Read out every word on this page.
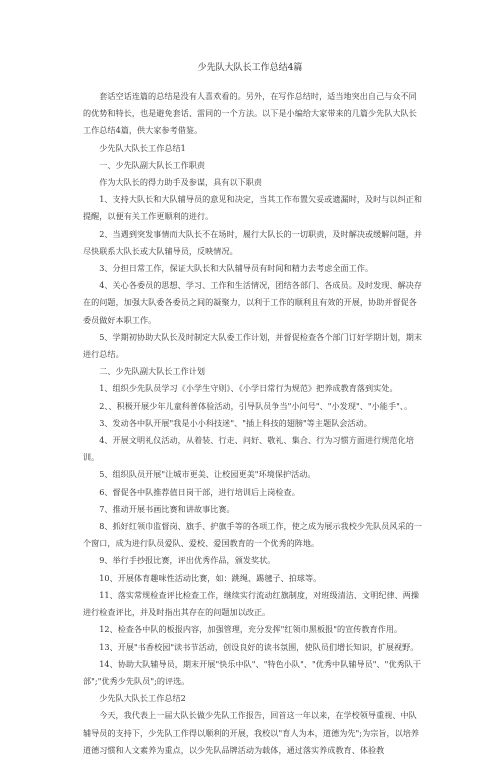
少先队大队长工作总结4篇

套话空话连篇的总结是没有人喜欢看的。另外，在写作总结时，适当地突出自己与众不同的优势和特长，也是避免套话、雷同的一个方法。以下是小编给大家带来的几篇少先队大队长工作总结4篇，供大家参考借鉴。

少先队大队长工作总结1

一、少先队副大队长工作职责

作为大队长的得力助手及参谋，具有以下职责

1、支持大队长和大队辅导员的意见和决定，当其工作布置欠妥或遗漏时，及时与以纠正和提醒，以便有关工作更顺利的进行。

2、当遇到突发事情而大队长不在场时，履行大队长的一切职责，及时解决或缓解问题，并尽快联系大队长或大队辅导员，反映情况。

3、分担日常工作，保证大队长和大队辅导员有时间和精力去考虑全面工作。

4、关心各委员的思想、学习、工作和生活情况，团结各部门、各成员。及时发现、解决存在的问题，加强大队委各委员之间的凝聚力，以利于工作的顺利且有效的开展，协助并督促各委员做好本职工作。

5、学期初协助大队长及时制定大队委工作计划，并督促检查各个部门订好学期计划，期末进行总结。

二、少先队副大队长工作计划

1、组织少先队员学习《小学生守则》、《小学日常行为规范》把养成教育落到实处。

2、、积极开展少年儿童科普体验活动，引导队员争当"小问号"、"小发现"、"小能手"、。

3、发动各中队开展"我是小小科技迷"、"插上科技的翅膀"等主题队会活动。

4、开展文明礼仪活动，从着装、行走、问好、敬礼、集合、行为习惯方面进行规范化培训。

5、组织队员开展"让城市更美、让校园更美"环境保护活动。

6、督促各中队推荐值日岗干部，进行培训后上岗检查。

7、推动开展书画比赛和讲故事比赛。

8、抓好红领巾监督岗、旗手、护旗手等的各项工作，使之成为展示我校少先队员风采的一个窗口，成为进行队员爱队、爱校、爱国教育的一个优秀的阵地。

9、举行手抄报比赛，评出优秀作品，颁发奖状。

10、开展体育趣味性活动比赛，如：跳绳、踢毽子、拍球等。

11、落实常规检查评比检查工作，继续实行流动红旗制度，对班级清洁、文明纪律、两操进行检查评比，并及时指出其存在的问题加以改正。

12、检查各中队的板报内容，加强管理，充分发挥"红领巾黑板报"的宣传教育作用。

13、开展"书香校园"读书节活动，创设良好的读书氛围，使队员们增长知识，扩展视野。

14、协助大队辅导员，期末开展"快乐中队"、"特色小队"、"优秀中队辅导员"、"优秀队干部";"优秀少先队员";的评选。

少先队大队长工作总结2

今天，我代表上一届大队长做少先队工作报告，回首这一年以来，在学校领导重视、中队辅导员的支持下，少先队工作得以顺利的开展，我校以"育人为本，道德为先";为宗旨，以培养道德习惯和人文素养为重点，以少先队品牌活动为载体，通过落实养成教育、体验教
